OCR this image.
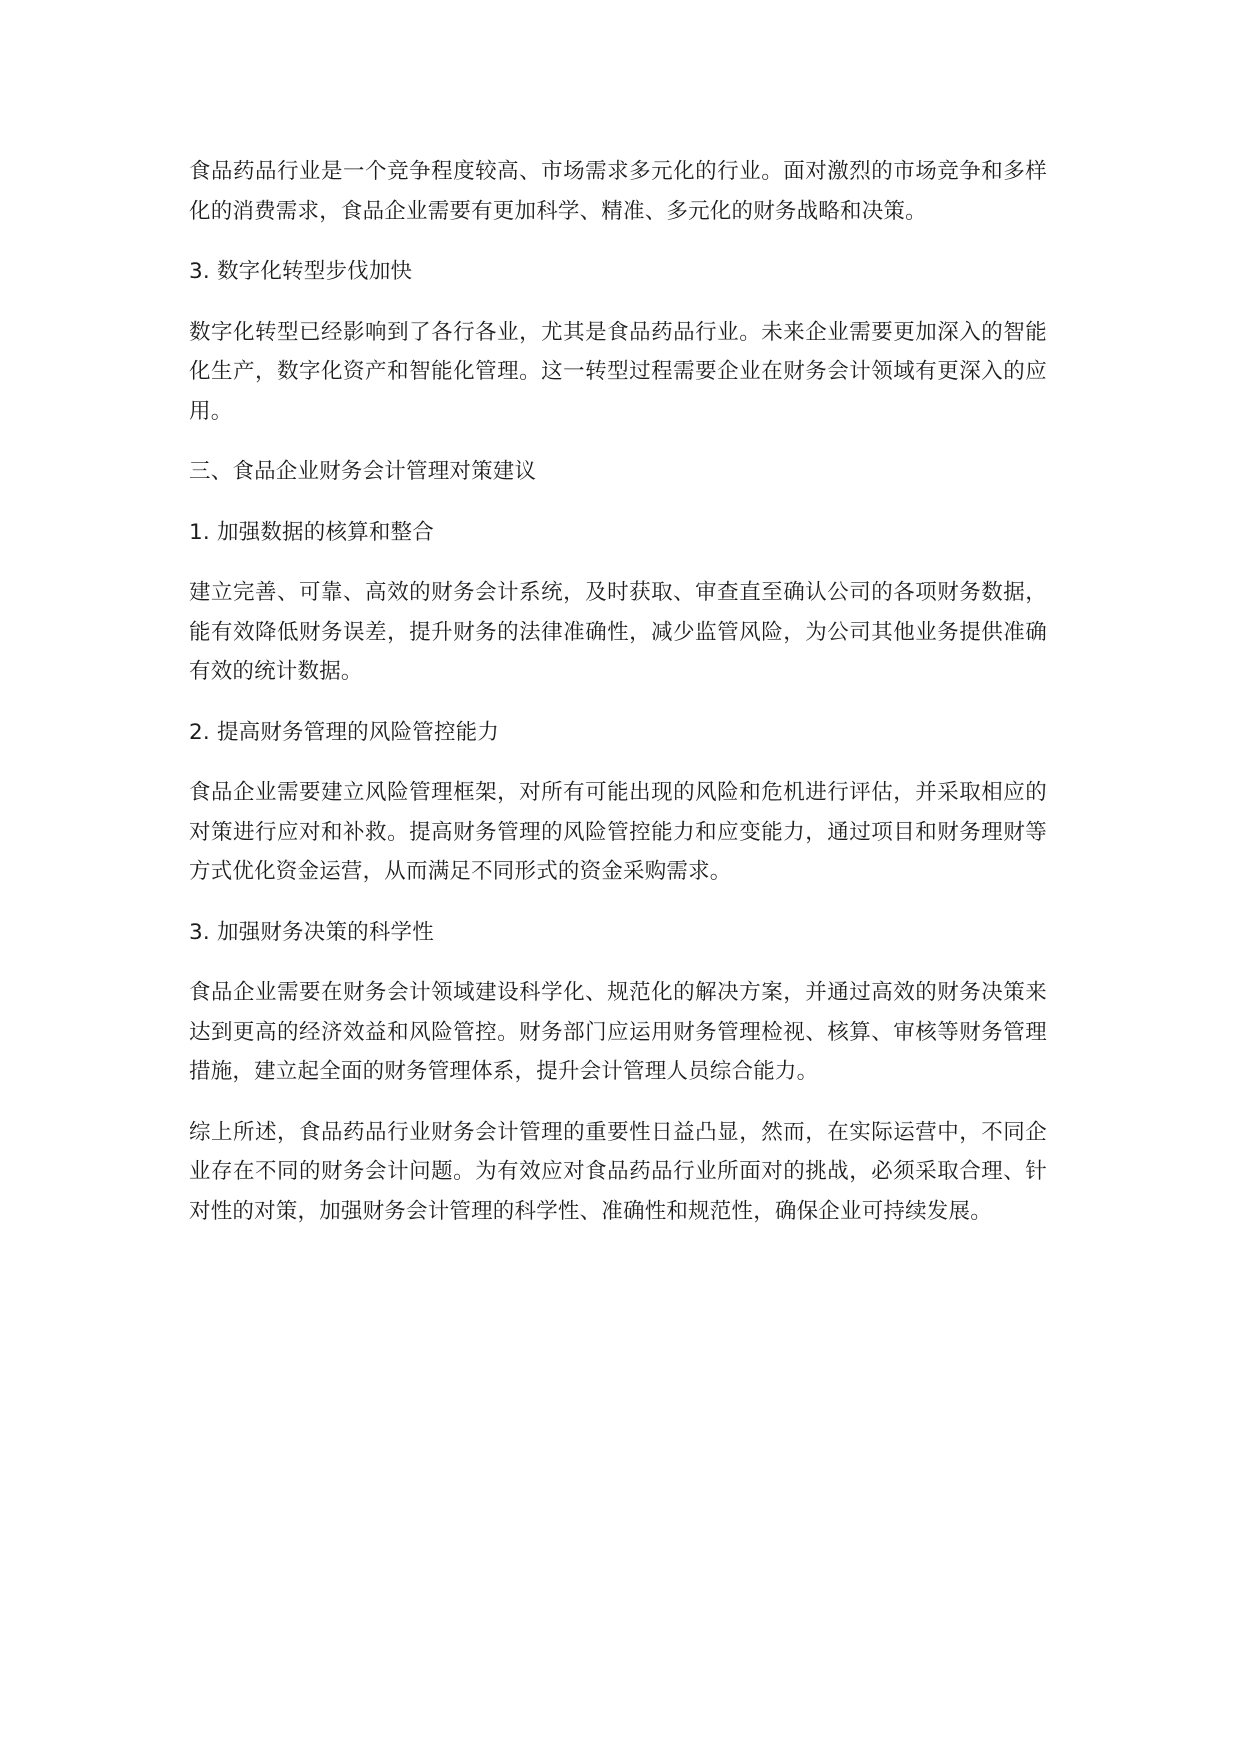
食品药品行业是一个竞争程度较高、市场需求多元化的行业。面对激烈的市场竞争和多样化的消费需求，食品企业需要有更加科学、精准、多元化的财务战略和决策。

3. 数字化转型步伐加快

数字化转型已经影响到了各行各业，尤其是食品药品行业。未来企业需要更加深入的智能化生产，数字化资产和智能化管理。这一转型过程需要企业在财务会计领域有更深入的应用。

三、食品企业财务会计管理对策建议

1. 加强数据的核算和整合

建立完善、可靠、高效的财务会计系统，及时获取、审查直至确认公司的各项财务数据，能有效降低财务误差，提升财务的法律准确性，减少监管风险，为公司其他业务提供准确有效的统计数据。

2. 提高财务管理的风险管控能力

食品企业需要建立风险管理框架，对所有可能出现的风险和危机进行评估，并采取相应的对策进行应对和补救。提高财务管理的风险管控能力和应变能力，通过项目和财务理财等方式优化资金运营，从而满足不同形式的资金采购需求。

3. 加强财务决策的科学性

食品企业需要在财务会计领域建设科学化、规范化的解决方案，并通过高效的财务决策来达到更高的经济效益和风险管控。财务部门应运用财务管理检视、核算、审核等财务管理措施，建立起全面的财务管理体系，提升会计管理人员综合能力。

综上所述，食品药品行业财务会计管理的重要性日益凸显，然而，在实际运营中，不同企业存在不同的财务会计问题。为有效应对食品药品行业所面对的挑战，必须采取合理、针对性的对策，加强财务会计管理的科学性、准确性和规范性，确保企业可持续发展。
